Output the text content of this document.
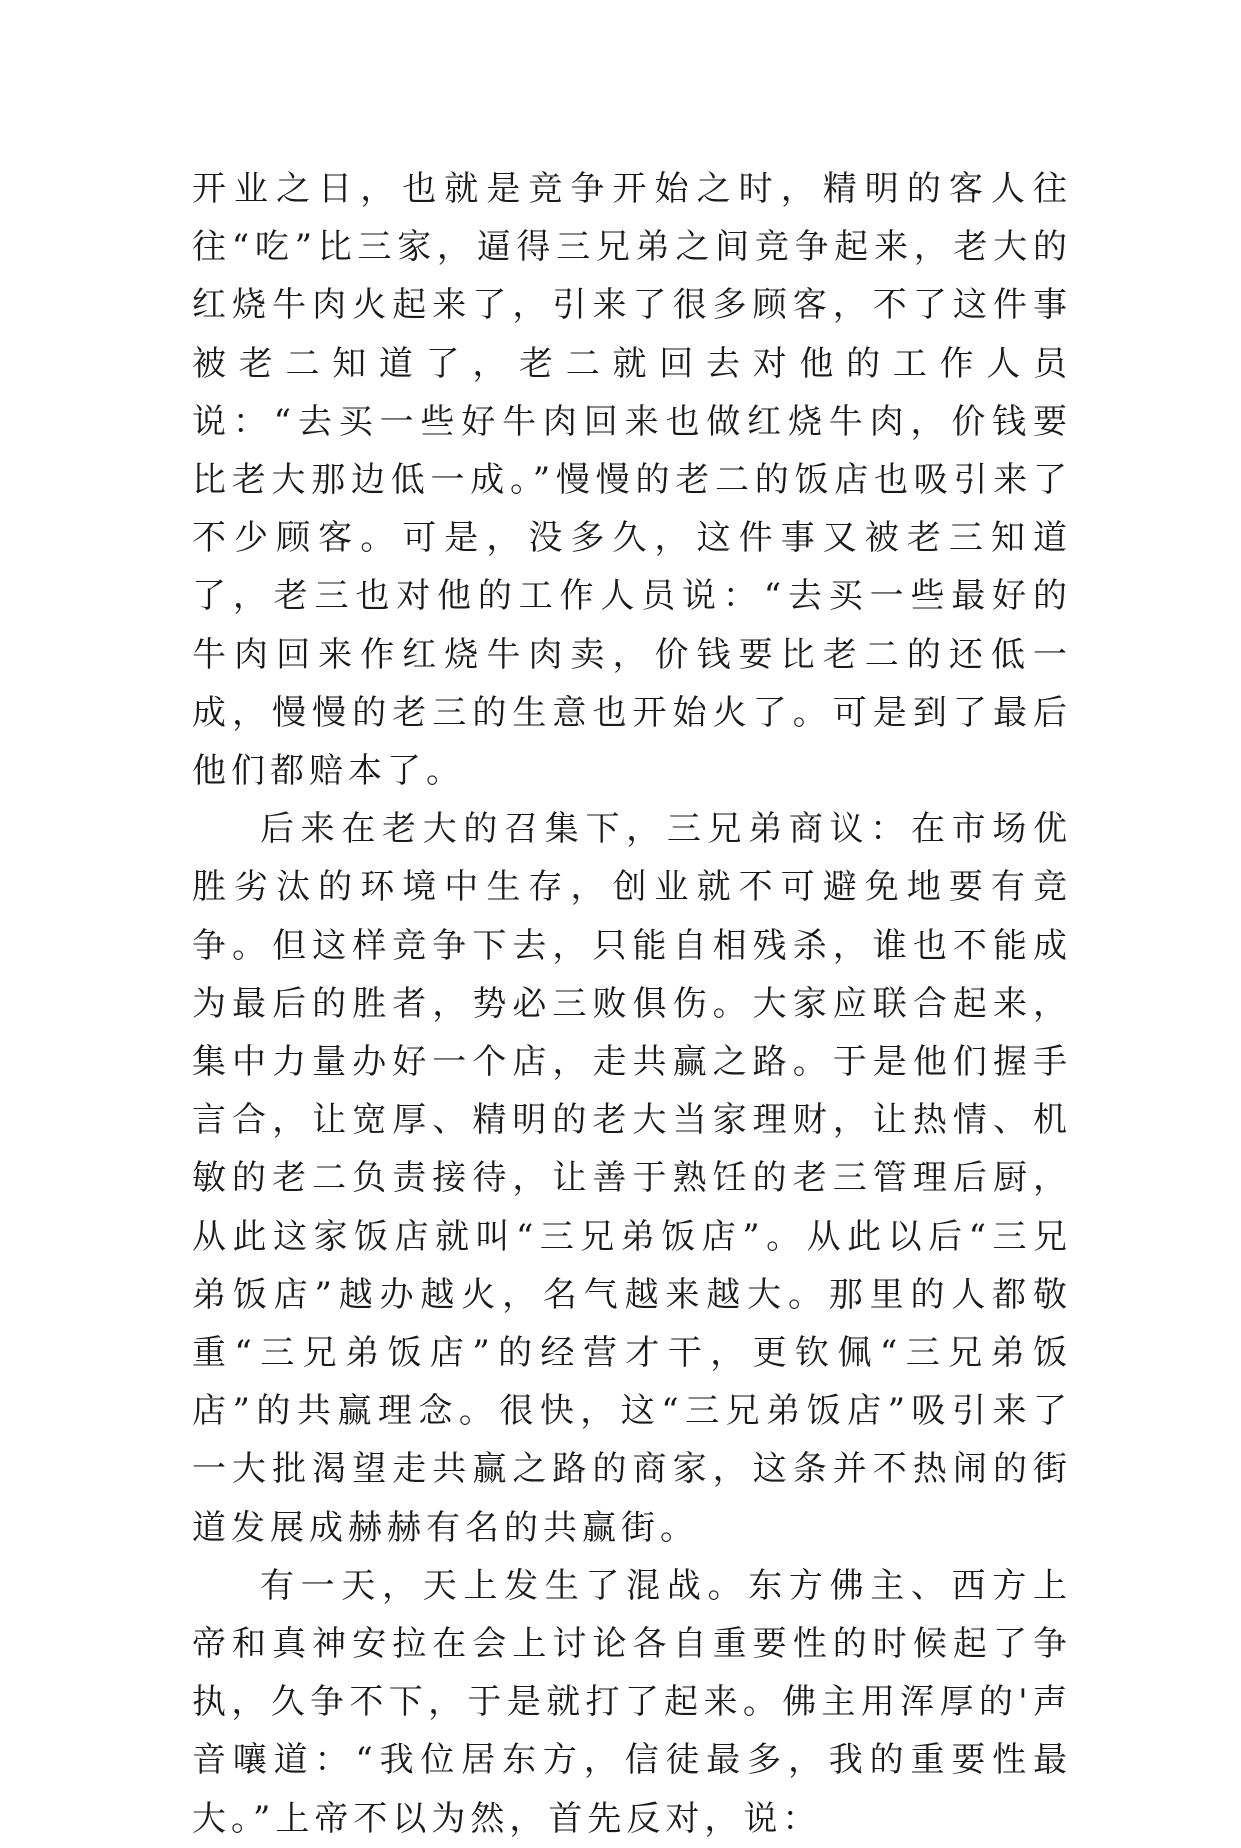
开业之日，也就是竞争开始之时，精明的客人往往“吃”比三家，逼得三兄弟之间竞争起来，老大的红烧牛肉火起来了，引来了很多顾客，不了这件事被老二知道了，老二就回去对他的工作人员说：“去买一些好牛肉回来也做红烧牛肉，价钱要比老大那边低一成。”慢慢的老二的饭店也吸引来了不少顾客。可是，没多久，这件事又被老三知道了，老三也对他的工作人员说：“去买一些最好的牛肉回来作红烧牛肉卖，价钱要比老二的还低一成，慢慢的老三的生意也开始火了。可是到了最后他们都赔本了。

后来在老大的召集下，三兄弟商议：在市场优胜劣汰的环境中生存，创业就不可避免地要有竞争。但这样竞争下去，只能自相残杀，谁也不能成为最后的胜者，势必三败俱伤。大家应联合起来，集中力量办好一个店，走共赢之路。于是他们握手言合，让宽厚、精明的老大当家理财，让热情、机敏的老二负责接待，让善于熟饪的老三管理后厨，从此这家饭店就叫“三兄弟饭店”。从此以后“三兄弟饭店”越办越火，名气越来越大。那里的人都敬重“三兄弟饭店”的经营才干，更钦佩“三兄弟饭店”的共赢理念。很快，这“三兄弟饭店”吸引来了一大批渴望走共赢之路的商家，这条并不热闹的街道发展成赫赫有名的共赢街。

有一天，天上发生了混战。东方佛主、西方上帝和真神安拉在会上讨论各自重要性的时候起了争执，久争不下，于是就打了起来。佛主用浑厚的'声音嚷道：“我位居东方，信徒最多，我的重要性最大。”上帝不以为然，首先反对，说：
